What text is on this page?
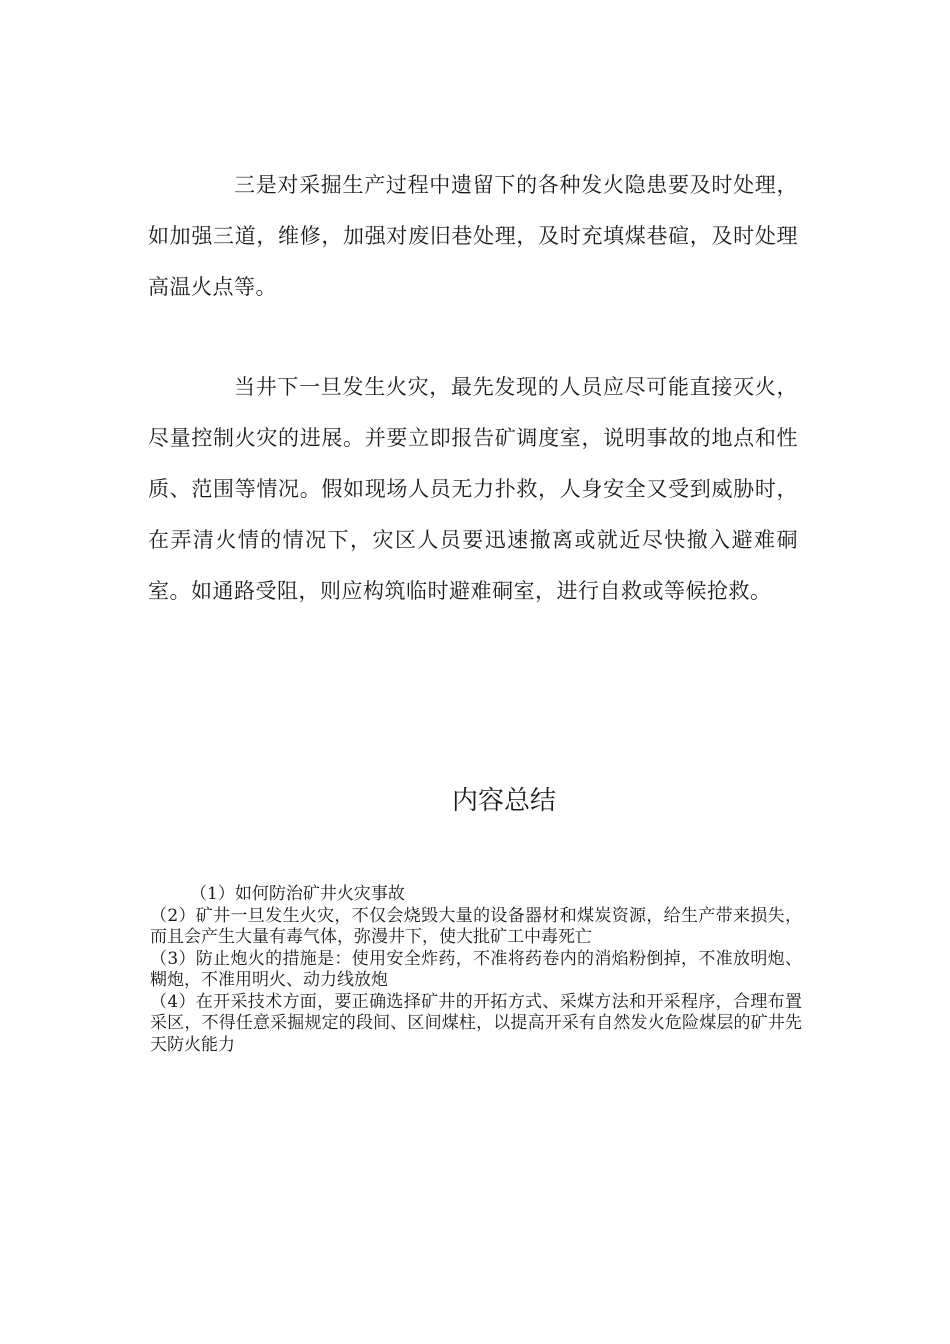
三是对采掘生产过程中遗留下的各种发火隐患要及时处理，如加强三道，维修，加强对废旧巷处理，及时充填煤巷碹，及时处理高温火点等。

当井下一旦发生火灾，最先发现的人员应尽可能直接灭火，尽量控制火灾的进展。并要立即报告矿调度室，说明事故的地点和性质、范围等情况。假如现场人员无力扑救，人身安全又受到威胁时，在弄清火情的情况下，灾区人员要迅速撤离或就近尽快撤入避难硐室。如通路受阻，则应构筑临时避难硐室，进行自救或等候抢救。

内容总结
（1）如何防治矿井火灾事故
（2）矿井一旦发生火灾，不仅会烧毁大量的设备器材和煤炭资源，给生产带来损失，而且会产生大量有毒气体，弥漫井下，使大批矿工中毒死亡
（3）防止炮火的措施是：使用安全炸药，不准将药卷内的消焰粉倒掉，不准放明炮、糊炮，不准用明火、动力线放炮
（4）在开采技术方面，要正确选择矿井的开拓方式、采煤方法和开采程序，合理布置采区，不得任意采掘规定的段间、区间煤柱，以提高开采有自然发火危险煤层的矿井先天防火能力
